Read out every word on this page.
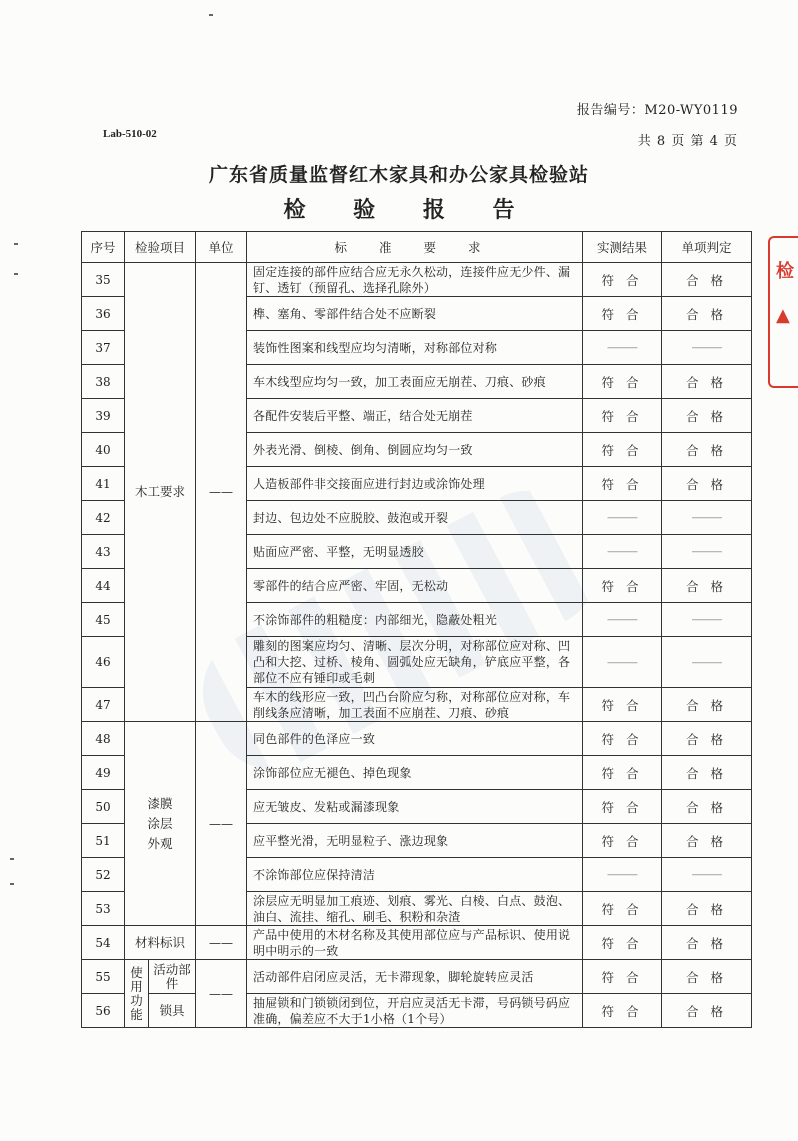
Lab-510-02
报告编号：M20-WY0119
共 8 页 第 4 页
广东省质量监督红木家具和办公家具检验站
检 验 报 告
检
▲
序号	检验项目		单位	标 准 要 求	实测结果	单项判定
35	木工要求		——	固定连接的部件应结合应无永久松动，连接件应无少件、漏钉、透钉（预留孔、选择孔除外）	符 合	合 格
36				榫、塞角、零部件结合处不应断裂	符 合	合 格
37				装饰性图案和线型应均匀清晰，对称部位对称	———	———
38				车木线型应均匀一致，加工表面应无崩茬、刀痕、砂痕	符 合	合 格
39				各配件安装后平整、端正，结合处无崩茬	符 合	合 格
40				外表光滑、倒棱、倒角、倒圆应均匀一致	符 合	合 格
41				人造板部件非交接面应进行封边或涂饰处理	符 合	合 格
42				封边、包边处不应脱胶、鼓泡或开裂	———	———
43				贴面应严密、平整，无明显透胶	———	———
44				零部件的结合应严密、牢固，无松动	符 合	合 格
45				不涂饰部件的粗糙度：内部细光，隐蔽处粗光	———	———
46				雕刻的图案应均匀、清晰、层次分明，对称部位应对称、凹凸和大挖、过桥、棱角、圆弧处应无缺角，铲底应平整，各部位不应有锤印或毛刺	———	———
47				车木的线形应一致，凹凸台阶应匀称，对称部位应对称，车削线条应清晰，加工表面不应崩茬、刀痕、砂痕	符 合	合 格
48	漆膜涂层外观		——	同色部件的色泽应一致	符 合	合 格
49				涂饰部位应无褪色、掉色现象	符 合	合 格
50				应无皱皮、发粘或漏漆现象	符 合	合 格
51				应平整光滑，无明显粒子、涨边现象	符 合	合 格
52				不涂饰部位应保持清洁	———	———
53				涂层应无明显加工痕迹、划痕、雾光、白棱、白点、鼓泡、油白、流挂、缩孔、刷毛、积粉和杂渣	符 合	合 格
54	材料标识		——	产品中使用的木材名称及其使用部位应与产品标识、使用说明中明示的一致	符 合	合 格
55	使用功能	活动部件	——	活动部件启闭应灵活，无卡滞现象，脚轮旋转应灵活	符 合	合 格
56		锁具		抽屉锁和门锁锁闭到位，开启应灵活无卡滞，号码锁号码应准确，偏差应不大于1小格（1个号）	符 合	合 格
